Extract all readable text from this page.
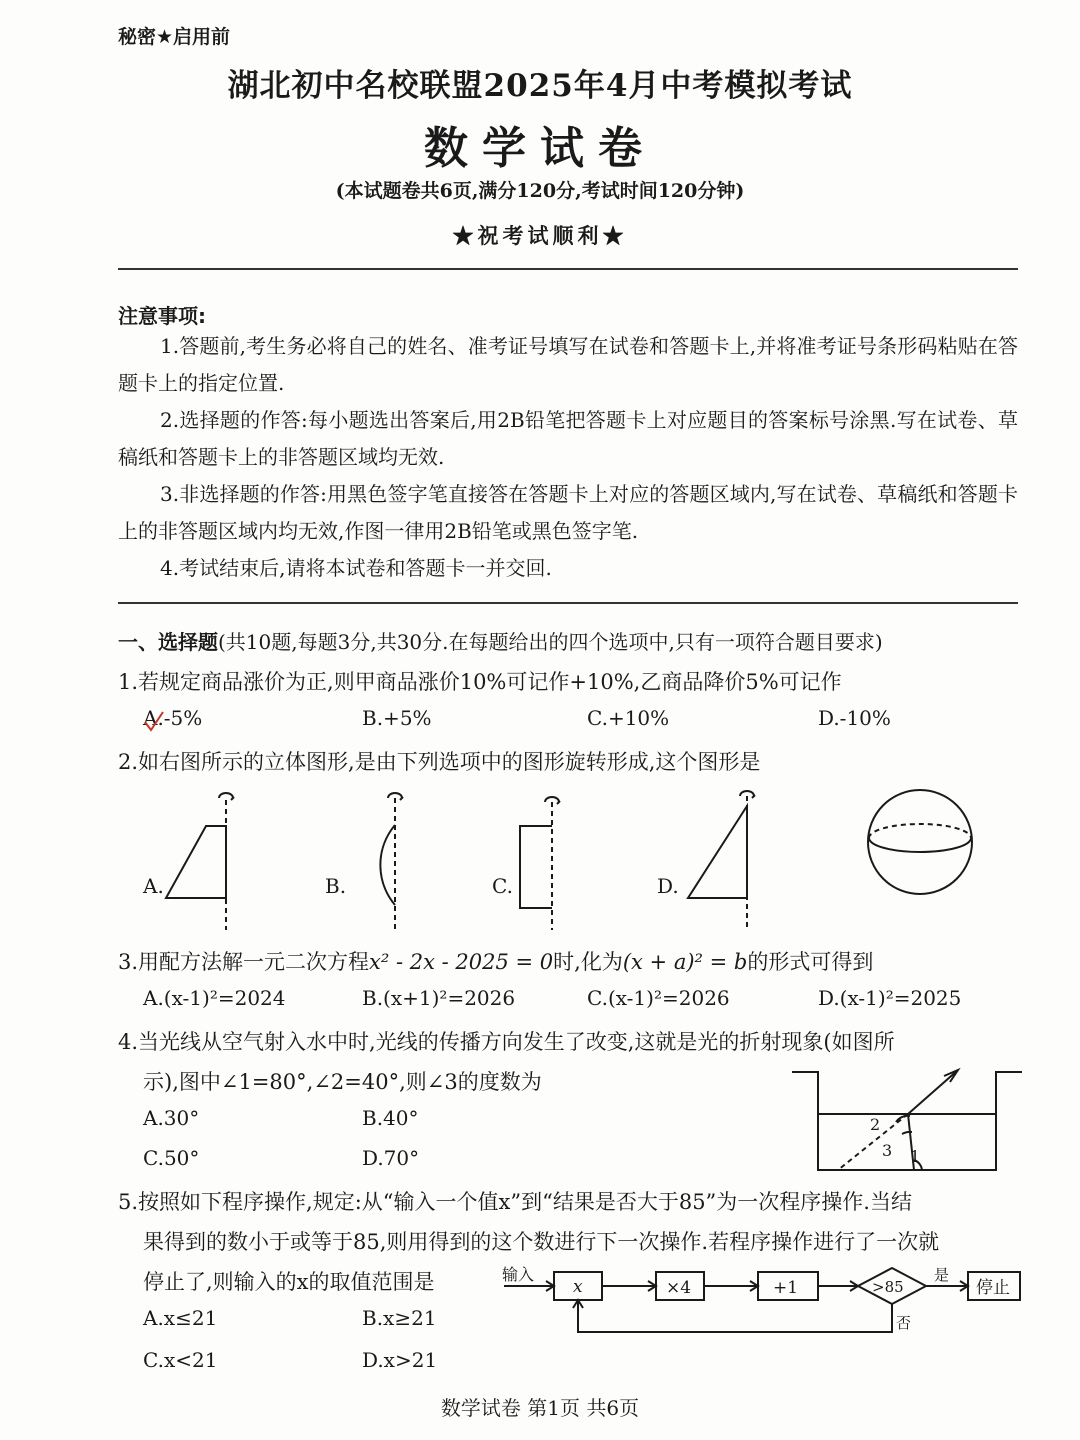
秘密★启用前
湖北初中名校联盟2025年4月中考模拟考试
数学试卷
(本试题卷共6页,满分120分,考试时间120分钟)
★祝考试顺利★
注意事项:
1.答题前,考生务必将自己的姓名、准考证号填写在试卷和答题卡上,并将准考证号条形码粘贴在答题卡上的指定位置.
2.选择题的作答:每小题选出答案后,用2B铅笔把答题卡上对应题目的答案标号涂黑.写在试卷、草稿纸和答题卡上的非答题区域均无效.
3.非选择题的作答:用黑色签字笔直接答在答题卡上对应的答题区域内,写在试卷、草稿纸和答题卡上的非答题区域内均无效,作图一律用2B铅笔或黑色签字笔.
4.考试结束后,请将本试卷和答题卡一并交回.
一、选择题(共10题,每题3分,共30分.在每题给出的四个选项中,只有一项符合题目要求)
1.若规定商品涨价为正,则甲商品涨价10%可记作+10%,乙商品降价5%可记作
A.-5%	B.+5%	C.+10%	D.-10%
2.如右图所示的立体图形,是由下列选项中的图形旋转形成,这个图形是
A.	B.	C.	D.
3.用配方法解一元二次方程x² - 2x - 2025 = 0时,化为(x + a)² = b的形式可得到
A.(x-1)²=2024	B.(x+1)²=2026	C.(x-1)²=2026	D.(x-1)²=2025
4.当光线从空气射入水中时,光线的传播方向发生了改变,这就是光的折射现象(如图所
示),图中∠1=80°,∠2=40°,则∠3的度数为
A.30°	B.40°
C.50°	D.70°
2
3 1
5.按照如下程序操作,规定:从“输入一个值x”到“结果是否大于85”为一次程序操作.当结
果得到的数小于或等于85,则用得到的这个数进行下一次操作.若程序操作进行了一次就
停止了,则输入的x的取值范围是
A.x≤21	B.x≥21
C.x<21	D.x>21
输入
x	×4	+1	>85
是
否
停止
数学试卷 第1页 共6页
